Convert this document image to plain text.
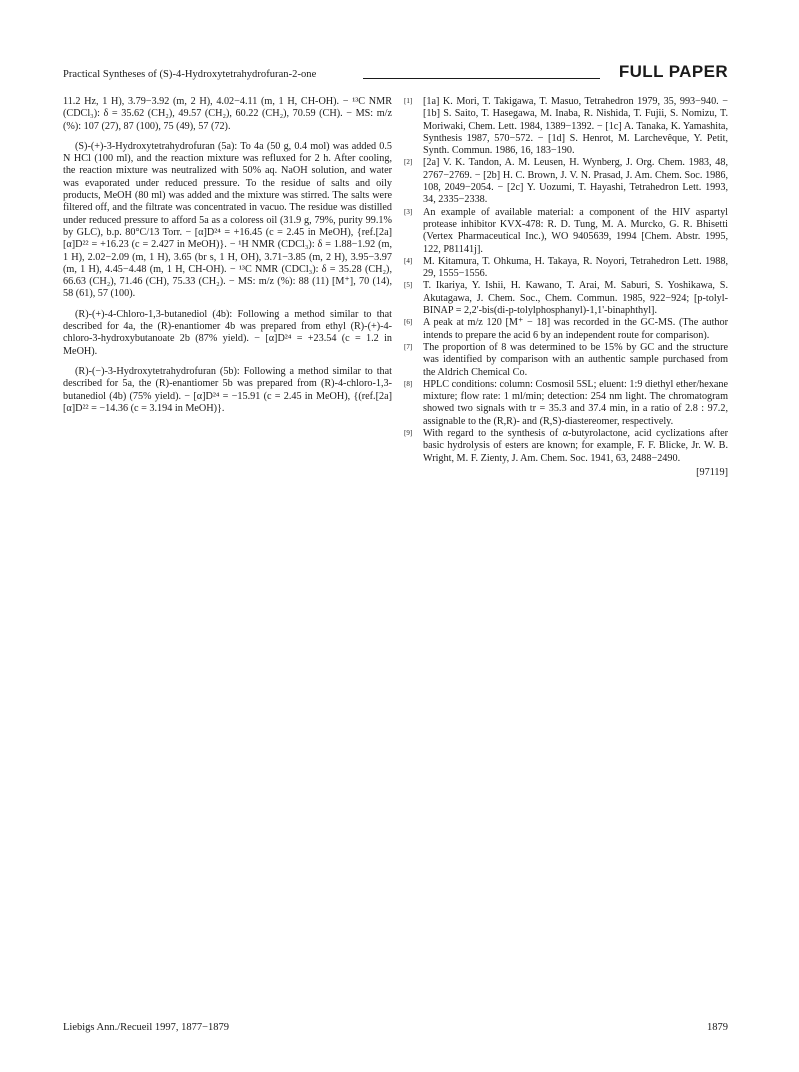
Practical Syntheses of (S)-4-Hydroxytetrahydrofuran-2-one	FULL PAPER

11.2 Hz, 1 H), 3.79−3.92 (m, 2 H), 4.02−4.11 (m, 1 H, CH-OH). − ¹³C NMR (CDCl₃): δ = 35.62 (CH₂), 49.57 (CH₂), 60.22 (CH₂), 70.59 (CH). − MS: m/z (%): 107 (27), 87 (100), 75 (49), 57 (72).

(S)-(+)-3-Hydroxytetrahydrofuran (5a): To 4a (50 g, 0.4 mol) was added 0.5 N HCl (100 ml), and the reaction mixture was refluxed for 2 h. After cooling, the reaction mixture was neutralized with 50% aq. NaOH solution, and water was evaporated under reduced pressure. To the residue of salts and oily products, MeOH (80 ml) was added and the mixture was stirred. The salts were filtered off, and the filtrate was concentrated in vacuo. The residue was distilled under reduced pressure to afford 5a as a coloress oil (31.9 g, 79%, purity 99.1% by GLC), b.p. 80°C/13 Torr. − [α]D²⁴ = +16.45 (c = 2.45 in MeOH), {ref.[2a] [α]D²² = +16.23 (c = 2.427 in MeOH)}. − ¹H NMR (CDCl₃): δ = 1.88−1.92 (m, 1 H), 2.02−2.09 (m, 1 H), 3.65 (br s, 1 H, OH), 3.71−3.85 (m, 2 H), 3.95−3.97 (m, 1 H), 4.45−4.48 (m, 1 H, CH-OH). − ¹³C NMR (CDCl₃): δ = 35.28 (CH₂), 66.63 (CH₂), 71.46 (CH), 75.33 (CH₂). − MS: m/z (%): 88 (11) [M⁺], 70 (14), 58 (61), 57 (100).

(R)-(+)-4-Chloro-1,3-butanediol (4b): Following a method similar to that described for 4a, the (R)-enantiomer 4b was prepared from ethyl (R)-(+)-4-chloro-3-hydroxybutanoate 2b (87% yield). − [α]D²⁴ = +23.54 (c = 1.2 in MeOH).

(R)-(−)-3-Hydroxytetrahydrofuran (5b): Following a method similar to that described for 5a, the (R)-enantiomer 5b was prepared from (R)-4-chloro-1,3-butanediol (4b) (75% yield). − [α]D²⁴ = −15.91 (c = 2.45 in MeOH), {(ref.[2a] [α]D²² = −14.36 (c = 3.194 in MeOH)}.

[1] [1a] K. Mori, T. Takigawa, T. Masuo, Tetrahedron 1979, 35, 993−940. − [1b] S. Saito, T. Hasegawa, M. Inaba, R. Nishida, T. Fujii, S. Nomizu, T. Moriwaki, Chem. Lett. 1984, 1389−1392. − [1c] A. Tanaka, K. Yamashita, Synthesis 1987, 570−572. − [1d] S. Henrot, M. Larchevêque, Y. Petit, Synth. Commun. 1986, 16, 183−190.
[2] [2a] V. K. Tandon, A. M. Leusen, H. Wynberg, J. Org. Chem. 1983, 48, 2767−2769. − [2b] H. C. Brown, J. V. N. Prasad, J. Am. Chem. Soc. 1986, 108, 2049−2054. − [2c] Y. Uozumi, T. Hayashi, Tetrahedron Lett. 1993, 34, 2335−2338.
[3] An example of available material: a component of the HIV aspartyl protease inhibitor KVX-478: R. D. Tung, M. A. Murcko, G. R. Bhisetti (Vertex Pharmaceutical Inc.), WO 9405639, 1994 [Chem. Abstr. 1995, 122, P81141j].
[4] M. Kitamura, T. Ohkuma, H. Takaya, R. Noyori, Tetrahedron Lett. 1988, 29, 1555−1556.
[5] T. Ikariya, Y. Ishii, H. Kawano, T. Arai, M. Saburi, S. Yoshikawa, S. Akutagawa, J. Chem. Soc., Chem. Commun. 1985, 922−924; [p-tolyl-BINAP = 2,2'-bis(di-p-tolylphosphanyl)-1,1'-binaphthyl].
[6] A peak at m/z 120 [M⁺ − 18] was recorded in the GC-MS. (The author intends to prepare the acid 6 by an independent route for comparison).
[7] The proportion of 8 was determined to be 15% by GC and the structure was identified by comparison with an authentic sample purchased from the Aldrich Chemical Co.
[8] HPLC conditions: column: Cosmosil 5SL; eluent: 1:9 diethyl ether/hexane mixture; flow rate: 1 ml/min; detection: 254 nm light. The chromatogram showed two signals with tr = 35.3 and 37.4 min, in a ratio of 2.8 : 97.2, assignable to the (R,R)- and (R,S)-diastereomer, respectively.
[9] With regard to the synthesis of α-butyrolactone, acid cyclizations after basic hydrolysis of esters are known; for example, F. F. Blicke, Jr. W. B. Wright, M. F. Zienty, J. Am. Chem. Soc. 1941, 63, 2488−2490.
[97119]
Liebigs Ann./Recueil 1997, 1877−1879	1879
